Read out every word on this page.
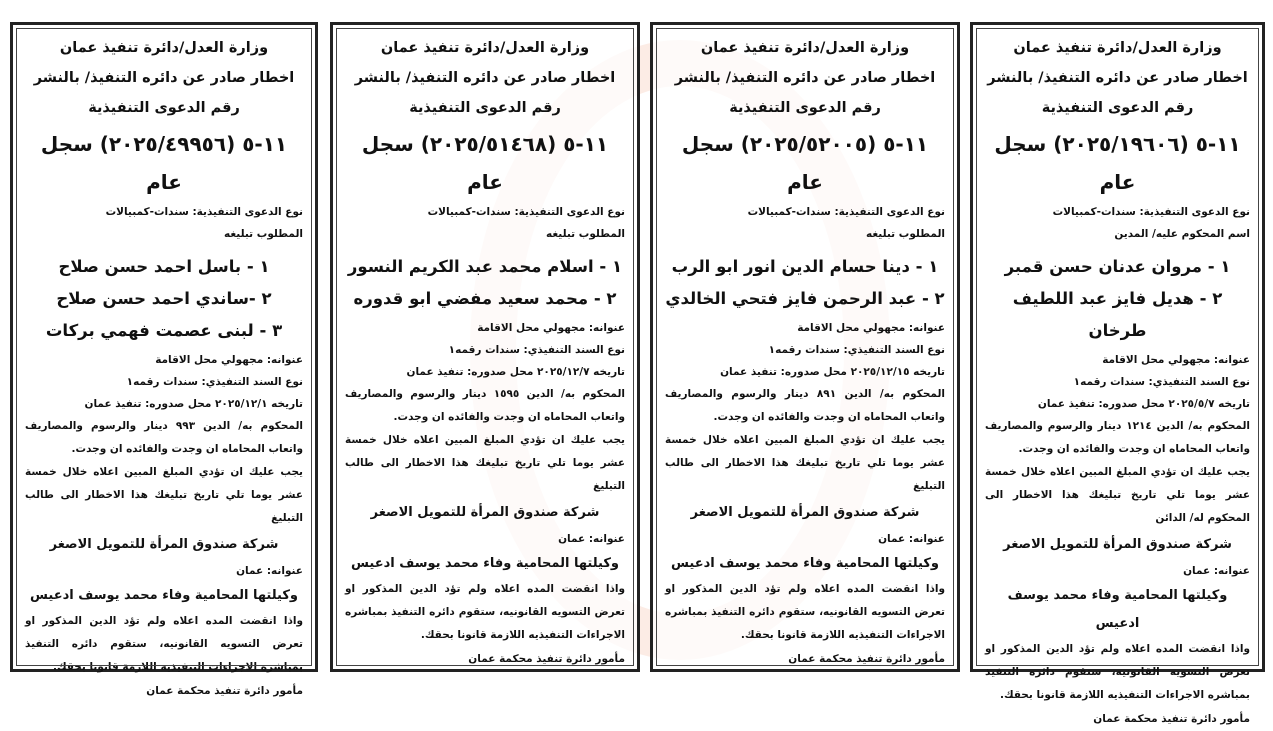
وزارة العدل/دائرة تنفيذ عمان
اخطار صادر عن دائره التنفيذ/ بالنشر
رقم الدعوى التنفيذية
١١-٥ (٢٠٢٥/٤٩٩٥٦) سجل عام
نوع الدعوى التنفيذية: سندات-كمبيالات
المطلوب تبليغه
١ - باسل احمد حسن صلاح
٢ -ساندي احمد حسن صلاح
٣ - لبنى عصمت فهمي بركات
عنوانه: مجهولي محل الاقامة
نوع السند التنفيذي: سندات رقمه١
تاريخه ٢٠٢٥/١٢/١ محل صدوره: تنفيذ عمان
المحكوم به/ الدين ٩٩٣ دينار والرسوم والمصاريف واتعاب المحاماه ان وجدت والفائده ان وجدت.
يجب عليك ان تؤدي المبلغ المبين اعلاه خلال خمسة عشر يوما تلي تاريخ تبليغك هذا الاخطار الى طالب التبليغ
شركة صندوق المرأة للتمويل الاصغر
عنوانه: عمان
وكيلتها المحامية وفاء محمد يوسف ادعيس
واذا انقضت المده اعلاه ولم تؤد الدين المذكور او تعرض التسويه القانونيه، ستقوم دائره التنفيذ بمباشره الاجراءات التنفيذيه اللازمة قانونا بحقك.
مأمور دائرة تنفيذ محكمة عمان
وزارة العدل/دائرة تنفيذ عمان
اخطار صادر عن دائره التنفيذ/ بالنشر
رقم الدعوى التنفيذية
١١-٥ (٢٠٢٥/٥١٤٦٨) سجل عام
نوع الدعوى التنفيذية: سندات-كمبيالات
المطلوب تبليغه
١ - اسلام محمد عبد الكريم النسور
٢ - محمد سعيد مفضي ابو قدوره
عنوانه: مجهولي محل الاقامة
نوع السند التنفيذي: سندات رقمه١
تاريخه ٢٠٢٥/١٢/٧ محل صدوره: تنفيذ عمان
المحكوم به/ الدين ١٥٩٥ دينار والرسوم والمصاريف واتعاب المحاماه ان وجدت والفائده ان وجدت.
يجب عليك ان تؤدي المبلغ المبين اعلاه خلال خمسة عشر يوما تلي تاريخ تبليغك هذا الاخطار الى طالب التبليغ
شركة صندوق المرأة للتمويل الاصغر
عنوانه: عمان
وكيلتها المحامية وفاء محمد يوسف ادعيس
واذا انقضت المده اعلاه ولم تؤد الدين المذكور او تعرض التسويه القانونيه، ستقوم دائره التنفيذ بمباشره الاجراءات التنفيذيه اللازمة قانونا بحقك.
مأمور دائرة تنفيذ محكمة عمان
وزارة العدل/دائرة تنفيذ عمان
اخطار صادر عن دائره التنفيذ/ بالنشر
رقم الدعوى التنفيذية
١١-٥ (٢٠٢٥/٥٢٠٠٥) سجل عام
نوع الدعوى التنفيذية: سندات-كمبيالات
المطلوب تبليغه
١ - دينا حسام الدين انور ابو الرب
٢ - عبد الرحمن فايز فتحي الخالدي
عنوانه: مجهولي محل الاقامة
نوع السند التنفيذي: سندات رقمه١
تاريخه ٢٠٢٥/١٢/١٥ محل صدوره: تنفيذ عمان
المحكوم به/ الدين ٨٩١ دينار والرسوم والمصاريف واتعاب المحاماه ان وجدت والفائده ان وجدت.
يجب عليك ان تؤدي المبلغ المبين اعلاه خلال خمسة عشر يوما تلي تاريخ تبليغك هذا الاخطار الى طالب التبليغ
شركة صندوق المرأة للتمويل الاصغر
عنوانه: عمان
وكيلتها المحامية وفاء محمد يوسف ادعيس
واذا انقضت المده اعلاه ولم تؤد الدين المذكور او تعرض التسويه القانونيه، ستقوم دائره التنفيذ بمباشره الاجراءات التنفيذيه اللازمة قانونا بحقك.
مأمور دائرة تنفيذ محكمة عمان
وزارة العدل/دائرة تنفيذ عمان
اخطار صادر عن دائره التنفيذ/ بالنشر
رقم الدعوى التنفيذية
١١-٥ (٢٠٢٥/١٩٦٠٦) سجل عام
نوع الدعوى التنفيذية: سندات-كمبيالات
اسم المحكوم عليه/ المدين
١ - مروان عدنان حسن قمبر
٢ - هديل فايز عبد اللطيف طرخان
عنوانه: مجهولي محل الاقامة
نوع السند التنفيذي: سندات رقمه١
تاريخه ٢٠٢٥/٥/٧ محل صدوره: تنفيذ عمان
المحكوم به/ الدين ١٢١٤ دينار والرسوم والمصاريف واتعاب المحاماه ان وجدت والفائده ان وجدت.
يجب عليك ان تؤدي المبلغ المبين اعلاه خلال خمسة عشر يوما تلي تاريخ تبليغك هذا الاخطار الى المحكوم له/ الدائن
شركة صندوق المرأة للتمويل الاصغر
عنوانه: عمان
وكيلتها المحامية وفاء محمد يوسف ادعيس
واذا انقضت المده اعلاه ولم تؤد الدين المذكور او تعرض التسويه القانونيه، ستقوم دائره التنفيذ بمباشره الاجراءات التنفيذيه اللازمة قانونا بحقك.
مأمور دائرة تنفيذ محكمة عمان
